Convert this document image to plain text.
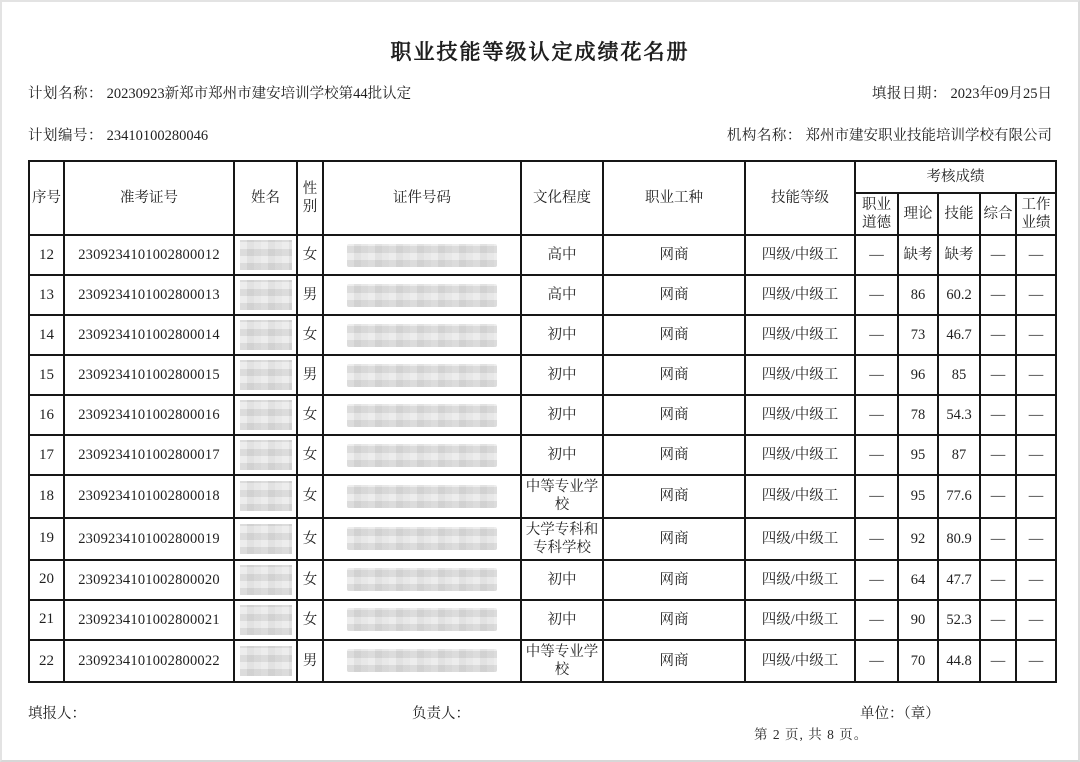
职业技能等级认定成绩花名册
计划名称： 20230923新郑市郑州市建安培训学校第44批认定	填报日期： 2023年09月25日
计划编号： 23410100280046	机构名称： 郑州市建安职业技能培训学校有限公司
序号	准考证号	姓名	性别	证件号码	文化程度	职业工种	技能等级	考核成绩				
								职业道德	理论	技能	综合	工作业绩
12	2309234101002800012		女		高中	网商	四级/中级工	—	缺考	缺考	—	—
13	2309234101002800013		男		高中	网商	四级/中级工	—	86	60.2	—	—
14	2309234101002800014		女		初中	网商	四级/中级工	—	73	46.7	—	—
15	2309234101002800015		男		初中	网商	四级/中级工	—	96	85	—	—
16	2309234101002800016		女		初中	网商	四级/中级工	—	78	54.3	—	—
17	2309234101002800017		女		初中	网商	四级/中级工	—	95	87	—	—
18	2309234101002800018		女		中等专业学校	网商	四级/中级工	—	95	77.6	—	—
19	2309234101002800019		女		大学专科和专科学校	网商	四级/中级工	—	92	80.9	—	—
20	2309234101002800020		女		初中	网商	四级/中级工	—	64	47.7	—	—
21	2309234101002800021		女		初中	网商	四级/中级工	—	90	52.3	—	—
22	2309234101002800022		男		中等专业学校	网商	四级/中级工	—	70	44.8	—	—
填报人：	负责人：	单位：（章）
第 2 页, 共 8 页。
